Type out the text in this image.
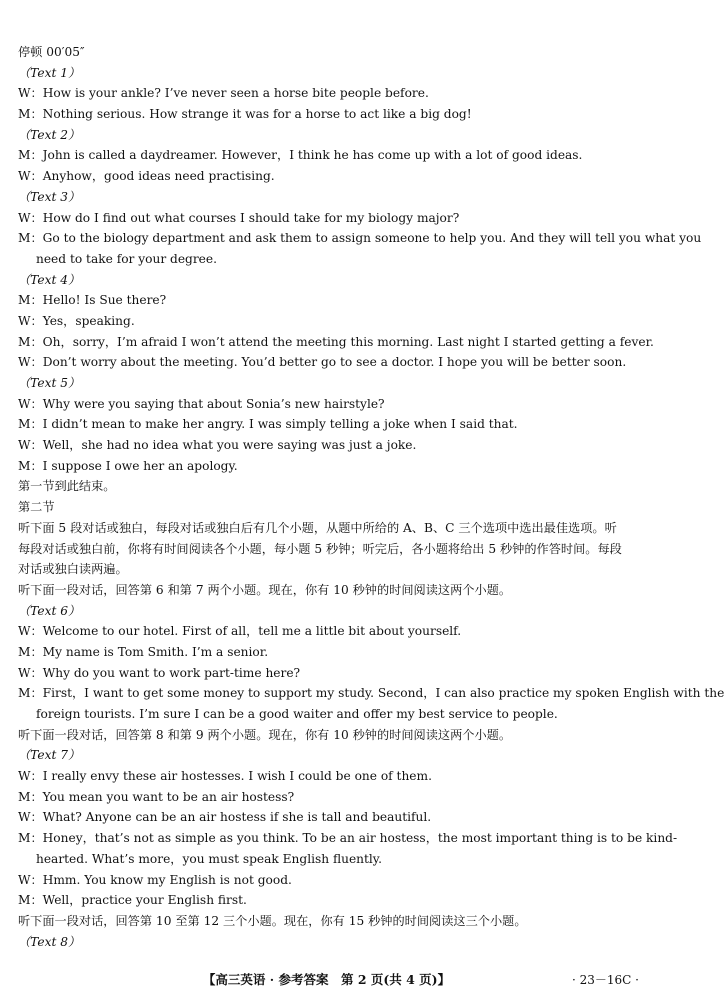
停顿 00′05″
（Text 1）
W：How is your ankle? I’ve never seen a horse bite people before.
M：Nothing serious. How strange it was for a horse to act like a big dog!
（Text 2）
M：John is called a daydreamer. However，I think he has come up with a lot of good ideas.
W：Anyhow，good ideas need practising.
（Text 3）
W：How do I find out what courses I should take for my biology major?
M：Go to the biology department and ask them to assign someone to help you. And they will tell you what you
need to take for your degree.
（Text 4）
M：Hello! Is Sue there?
W：Yes，speaking.
M：Oh，sorry，I’m afraid I won’t attend the meeting this morning. Last night I started getting a fever.
W：Don’t worry about the meeting. You’d better go to see a doctor. I hope you will be better soon.
（Text 5）
W：Why were you saying that about Sonia’s new hairstyle?
M：I didn’t mean to make her angry. I was simply telling a joke when I said that.
W：Well，she had no idea what you were saying was just a joke.
M：I suppose I owe her an apology.
第一节到此结束。
第二节
听下面 5 段对话或独白，每段对话或独白后有几个小题，从题中所给的 A、B、C 三个选项中选出最佳选项。听
每段对话或独白前，你将有时间阅读各个小题，每小题 5 秒钟；听完后，各小题将给出 5 秒钟的作答时间。每段
对话或独白读两遍。
听下面一段对话，回答第 6 和第 7 两个小题。现在，你有 10 秒钟的时间阅读这两个小题。
（Text 6）
W：Welcome to our hotel. First of all，tell me a little bit about yourself.
M：My name is Tom Smith. I’m a senior.
W：Why do you want to work part-time here?
M：First，I want to get some money to support my study. Second，I can also practice my spoken English with the
foreign tourists. I’m sure I can be a good waiter and offer my best service to people.
听下面一段对话，回答第 8 和第 9 两个小题。现在，你有 10 秒钟的时间阅读这两个小题。
（Text 7）
W：I really envy these air hostesses. I wish I could be one of them.
M：You mean you want to be an air hostess?
W：What? Anyone can be an air hostess if she is tall and beautiful.
M：Honey，that’s not as simple as you think. To be an air hostess，the most important thing is to be kind-
hearted. What’s more，you must speak English fluently.
W：Hmm. You know my English is not good.
M：Well，practice your English first.
听下面一段对话，回答第 10 至第 12 三个小题。现在，你有 15 秒钟的时间阅读这三个小题。
（Text 8）
【高三英语 · 参考答案　第 2 页(共 4 页)】	· 23－16C ·
